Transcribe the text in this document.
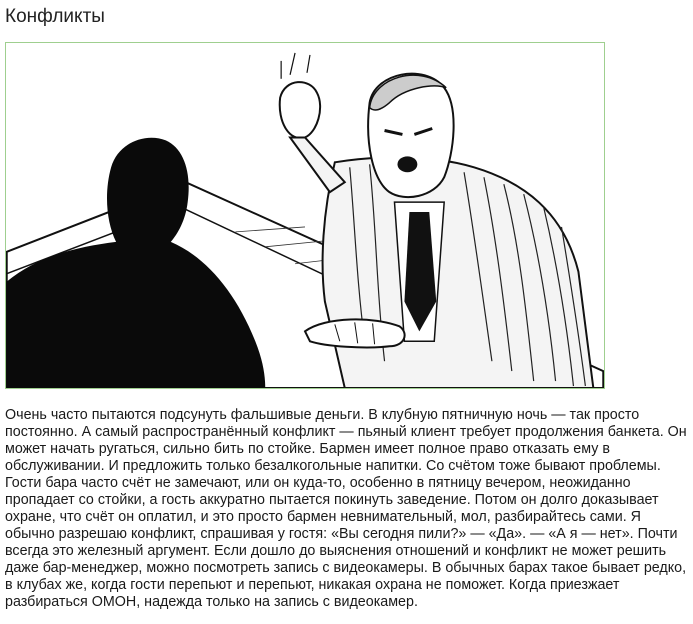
Конфликты

Очень часто пытаются подсунуть фальшивые деньги. В клубную пятничную ночь — так просто постоянно. А самый распространённый конфликт — пьяный клиент требует продолжения банкета. Он может начать ругаться, сильно бить по стойке. Бармен имеет полное право отказать ему в обслуживании. И предложить только безалкогольные напитки. Со счётом тоже бывают проблемы. Гости бара часто счёт не замечают, или он куда-то, особенно в пятницу вечером, неожиданно пропадает со стойки, а гость аккуратно пытается покинуть заведение. Потом он долго доказывает охране, что счёт он оплатил, и это просто бармен невнимательный, мол, разбирайтесь сами. Я обычно разрешаю конфликт, спрашивая у гостя: «Вы сегодня пили?» — «Да». — «А я — нет». Почти всегда это железный аргумент. Если дошло до выяснения отношений и конфликт не может решить даже бар-менеджер, можно посмотреть запись с видеокамеры. В обычных барах такое бывает редко, в клубах же, когда гости перепьют и перепьют, никакая охрана не поможет. Когда приезжает разбираться ОМОН, надежда только на запись с видеокамер.
